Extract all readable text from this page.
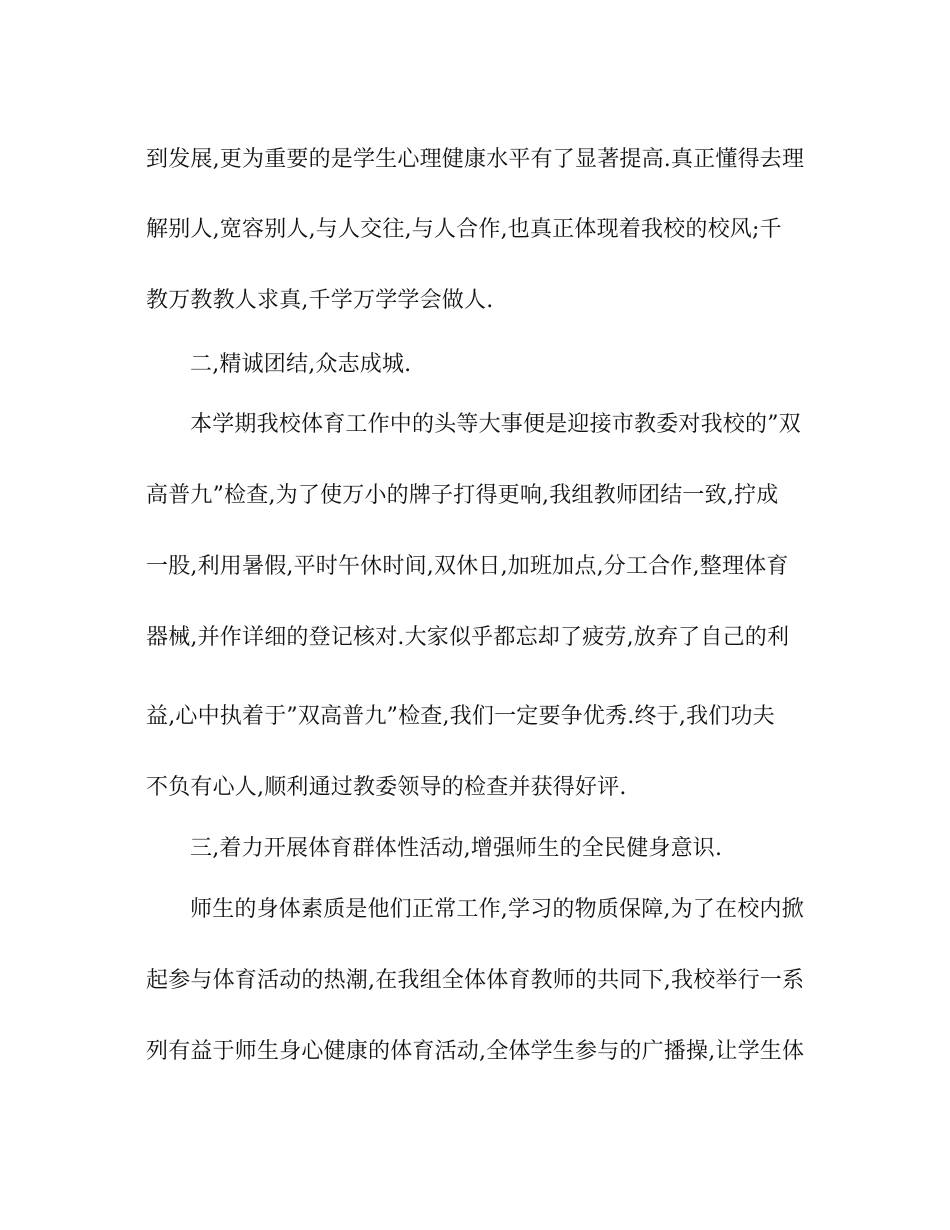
到发展,更为重要的是学生心理健康水平有了显著提高.真正懂得去理
解别人,宽容别人,与人交往,与人合作,也真正体现着我校的校风;千
教万教教人求真,千学万学学会做人.
二,精诚团结,众志成城.
本学期我校体育工作中的头等大事便是迎接市教委对我校的”双
高普九”检查,为了使万小的牌子打得更响,我组教师团结一致,拧成
一股,利用暑假,平时午休时间,双休日,加班加点,分工合作,整理体育
器械,并作详细的登记核对.大家似乎都忘却了疲劳,放弃了自己的利
益,心中执着于”双高普九”检查,我们一定要争优秀.终于,我们功夫
不负有心人,顺利通过教委领导的检查并获得好评.
三,着力开展体育群体性活动,增强师生的全民健身意识.
师生的身体素质是他们正常工作,学习的物质保障,为了在校内掀
起参与体育活动的热潮,在我组全体体育教师的共同下,我校举行一系
列有益于师生身心健康的体育活动,全体学生参与的广播操,让学生体
